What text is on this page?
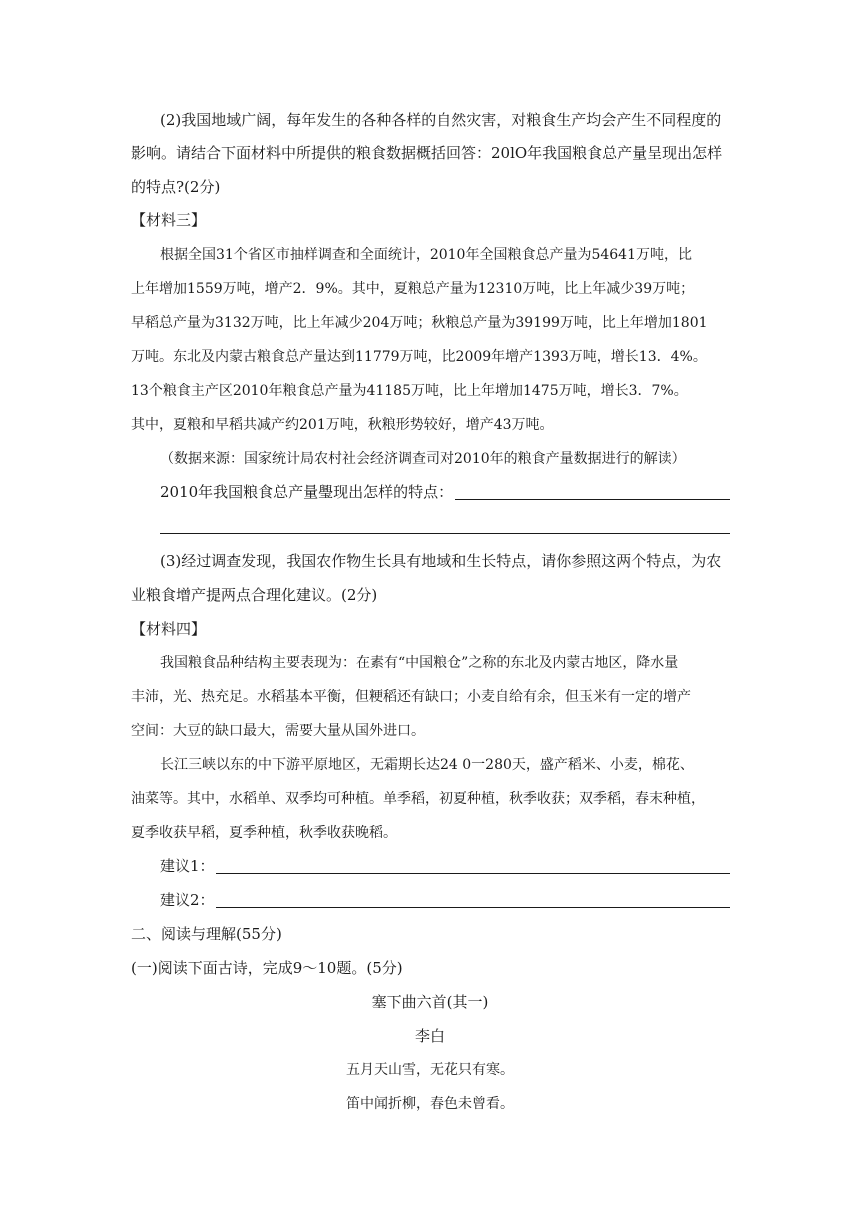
(2)我国地域广阔，每年发生的各种各样的自然灾害，对粮食生产均会产生不同程度的
影响。请结合下面材料中所提供的粮食数据概括回答：20lO年我国粮食总产量呈现出怎样
的特点?(2分)
【材料三】
根据全国31个省区市抽样调查和全面统计，2010年全国粮食总产量为54641万吨，比
上年增加1559万吨，增产2．9%。其中，夏粮总产量为12310万吨，比上年减少39万吨；
早稻总产量为3132万吨，比上年减少204万吨；秋粮总产量为39199万吨，比上年增加1801
万吨。东北及内蒙古粮食总产量达到11779万吨，比2009年增产1393万吨，增长13．4%。
13个粮食主产区2010年粮食总产量为41185万吨，比上年增加1475万吨，增长3．7%。
其中，夏粮和早稻共减产约201万吨，秋粮形势较好，增产43万吨。
（数据来源：国家统计局农村社会经济调查司对2010年的粮食产量数据进行的解读）
2010年我国粮食总产量璺现出怎样的特点：
(3)经过调查发现，我国农作物生长具有地域和生长特点，请你参照这两个特点，为农
业粮食增产提两点合理化建议。(2分)
【材料四】
我国粮食品种结构主要表现为：在素有“中国粮仓”之称的东北及内蒙古地区，降水量
丰沛，光、热充足。水稻基本平衡，但粳稻还有缺口；小麦自给有余，但玉米有一定的增产
空间：大豆的缺口最大，需要大量从国外进口。
长江三峡以东的中下游平原地区，无霜期长达24 0一280天，盛产稻米、小麦，棉花、
油菜等。其中，水稻单、双季均可种植。单季稻，初夏种植，秋季收获；双季稻，春末种植，
夏季收获早稻，夏季种植，秋季收获晚稻。
建议1：
建议2：
二、阅读与理解(55分)
(一)阅读下面古诗，完成9～10题。(5分)
塞下曲六首(其一)
李白
五月天山雪，无花只有寒。
笛中闻折柳，春色未曾看。
